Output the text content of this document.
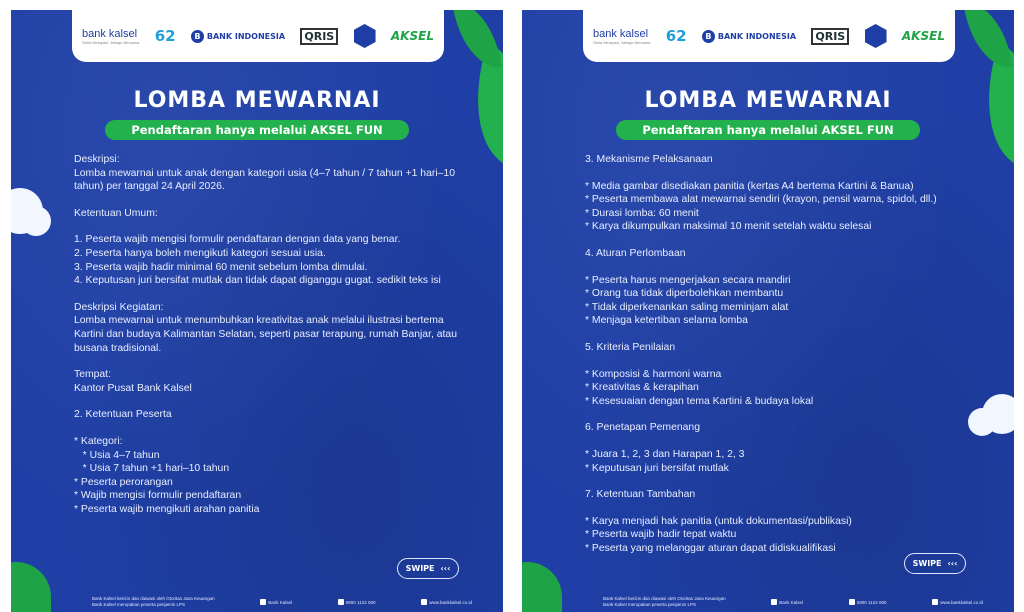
bank kalsel
Setia Melayani, Melaju Bersama 62	B BANK INDONESIA	QRIS	AKSEL
LOMBA MEWARNAI
Pendaftaran hanya melalui AKSEL FUN

Deskripsi:

Lomba mewarnai untuk anak dengan kategori usia (4–7 tahun / 7 tahun +1 hari–10

tahun) per tanggal 24 April 2026.

Ketentuan Umum:

1. Peserta wajib mengisi formulir pendaftaran dengan data yang benar.

2. Peserta hanya boleh mengikuti kategori sesuai usia.

3. Peserta wajib hadir minimal 60 menit sebelum lomba dimulai.

4. Keputusan juri bersifat mutlak dan tidak dapat diganggu gugat. sedikit teks isi

Deskripsi Kegiatan:

Lomba mewarnai untuk menumbuhkan kreativitas anak melalui ilustrasi bertema

Kartini dan budaya Kalimantan Selatan, seperti pasar terapung, rumah Banjar, atau

busana tradisional.

Tempat:

Kantor Pusat Bank Kalsel

2. Ketentuan Peserta

* Kategori:

* Usia 4–7 tahun

* Usia 7 tahun +1 hari–10 tahun

* Peserta perorangan

* Wajib mengisi formulir pendaftaran

* Peserta wajib mengikuti arahan panitia

SWIPE ‹‹‹
Bank Kalsel berizin dan diawasi oleh Otoritas Jasa Keuangan
Bank Kalsel merupakan peserta penjamin LPS	Bank Kalsel	0800 1122 000	www.bankkalsel.co.id
bank kalsel
Setia Melayani, Melaju Bersama 62	B BANK INDONESIA	QRIS	AKSEL
LOMBA MEWARNAI
Pendaftaran hanya melalui AKSEL FUN

3. Mekanisme Pelaksanaan

* Media gambar disediakan panitia (kertas A4 bertema Kartini & Banua)

* Peserta membawa alat mewarnai sendiri (krayon, pensil warna, spidol, dll.)

* Durasi lomba: 60 menit

* Karya dikumpulkan maksimal 10 menit setelah waktu selesai

4. Aturan Perlombaan

* Peserta harus mengerjakan secara mandiri

* Orang tua tidak diperbolehkan membantu

* Tidak diperkenankan saling meminjam alat

* Menjaga ketertiban selama lomba

5. Kriteria Penilaian

* Komposisi & harmoni warna

* Kreativitas & kerapihan

* Kesesuaian dengan tema Kartini & budaya lokal

6. Penetapan Pemenang

* Juara 1, 2, 3 dan Harapan 1, 2, 3

* Keputusan juri bersifat mutlak

7. Ketentuan Tambahan

* Karya menjadi hak panitia (untuk dokumentasi/publikasi)

* Peserta wajib hadir tepat waktu

* Peserta yang melanggar aturan dapat didiskualifikasi

SWIPE ‹‹‹
Bank Kalsel berizin dan diawasi oleh Otoritas Jasa Keuangan
Bank Kalsel merupakan peserta penjamin LPS	Bank Kalsel	0800 1122 000	www.bankkalsel.co.id
